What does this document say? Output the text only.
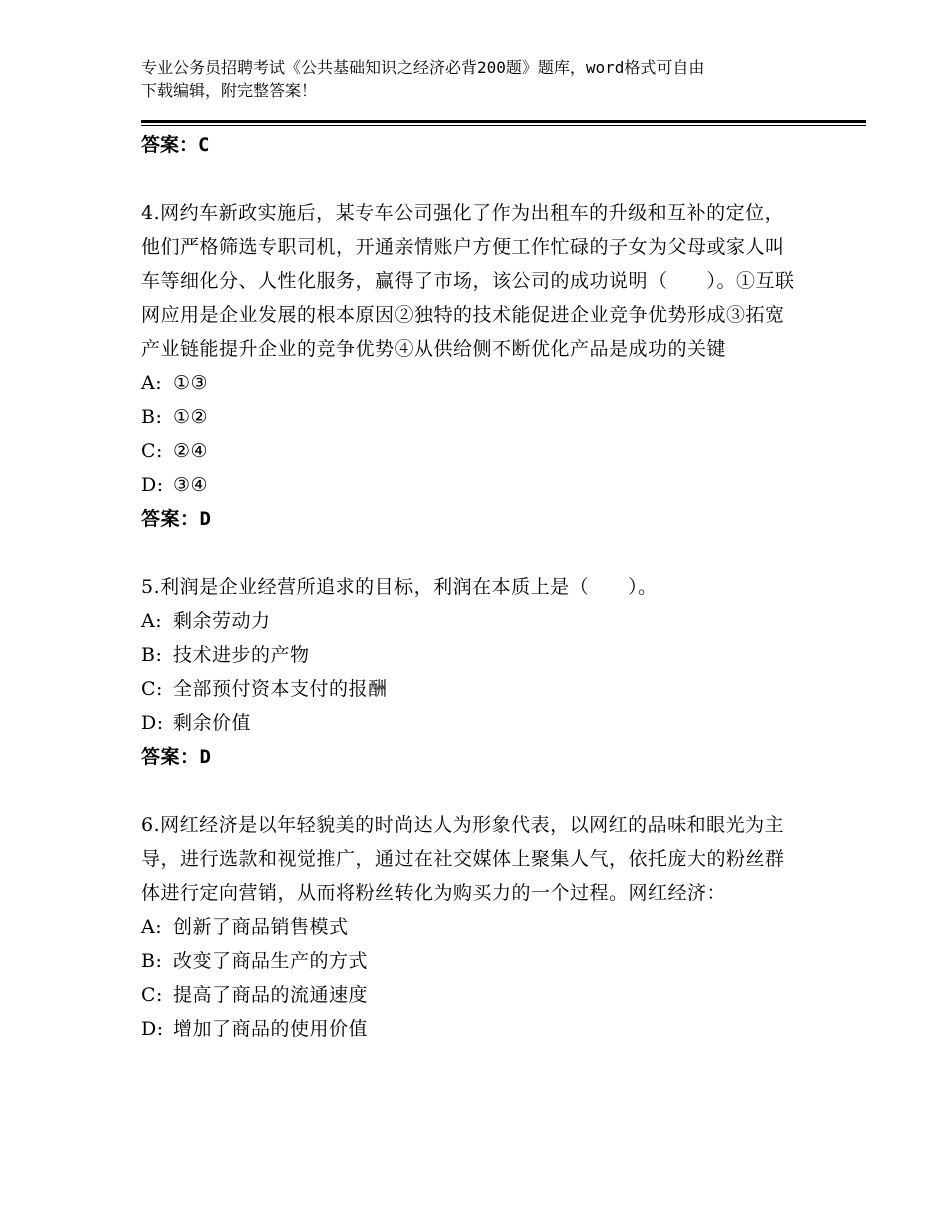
专业公务员招聘考试《公共基础知识之经济必背200题》题库，word格式可自由
下载编辑，附完整答案！
答案：C

4.网约车新政实施后，某专车公司强化了作为出租车的升级和互补的定位，他们严格筛选专职司机，开通亲情账户方便工作忙碌的子女为父母或家人叫车等细化分、人性化服务，赢得了市场，该公司的成功说明（　　）。①互联网应用是企业发展的根本原因②独特的技术能促进企业竞争优势形成③拓宽产业链能提升企业的竞争优势④从供给侧不断优化产品是成功的关键

A: ①③
B: ①②
C: ②④
D: ③④
答案：D

5.利润是企业经营所追求的目标，利润在本质上是（　　）。

A: 剩余劳动力
B: 技术进步的产物
C: 全部预付资本支付的报酬
D: 剩余价值
答案：D

6.网红经济是以年轻貌美的时尚达人为形象代表，以网红的品味和眼光为主导，进行选款和视觉推广，通过在社交媒体上聚集人气，依托庞大的粉丝群体进行定向营销，从而将粉丝转化为购买力的一个过程。网红经济：

A: 创新了商品销售模式
B: 改变了商品生产的方式
C: 提高了商品的流通速度
D: 增加了商品的使用价值
